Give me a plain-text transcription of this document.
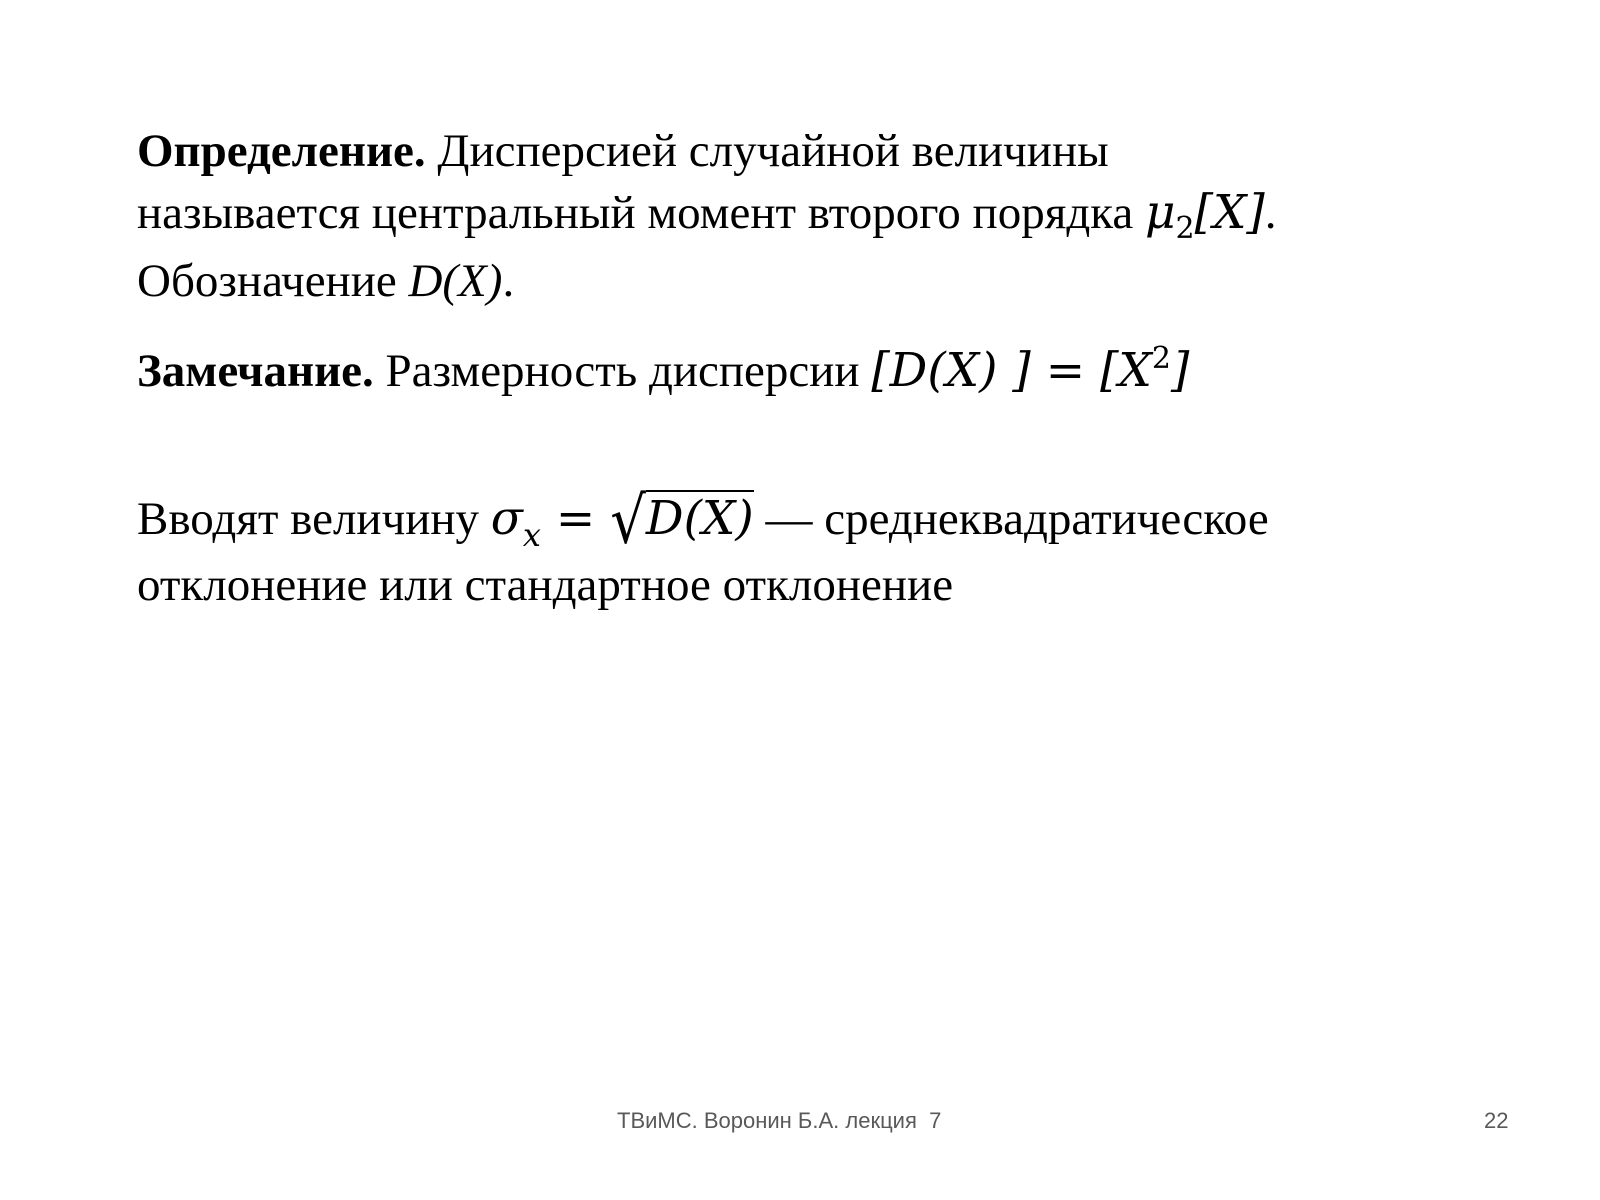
Определение. Дисперсией случайной величины
называется центральный момент второго порядка $\mu_2[X]$.
Обозначение D(X).
Замечание. Размерность дисперсии [D(X) ] = $[X^2]$
Вводят величину $\sigma_x = √D(X)$ — среднеквадратическое
отклонение или стандартное отклонение
ТВиМС. Воронин Б.А. лекция  7	22
